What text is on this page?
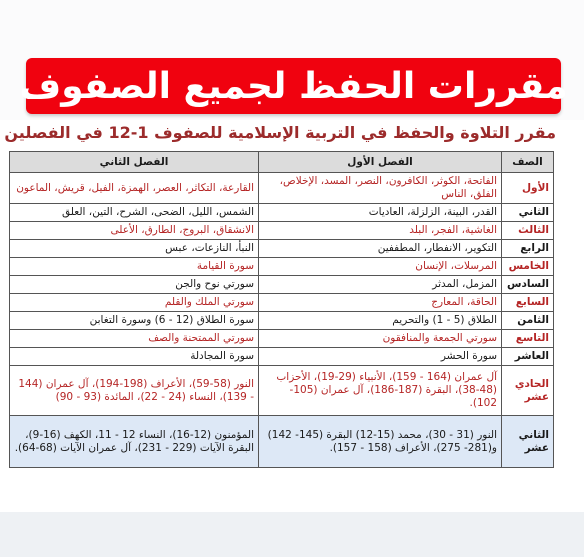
مقررات الحفظ لجميع الصفوف
مقرر التلاوة والحفظ في التربية الإسلامية للصفوف 1-12 في الفصلين
الصف	الفصل الأول	الفصل الثاني
الأول	الفاتحة، الكوثر، الكافرون، النصر، المسد، الإخلاص، الفلق، الناس	القارعة، التكاثر، العصر، الهمزة، الفيل، قريش، الماعون
الثاني	القدر، البينة، الزلزلة، العاديات	الشمس، الليل، الضحى، الشرح، التين، العلق
الثالث	الغاشية، الفجر، البلد	الانشقاق، البروج، الطارق، الأعلى
الرابع	التكوير، الانفطار، المطففين	النبأ، النازعات، عبس
الخامس	المرسلات، الإنسان	سورة القيامة
السادس	المزمل، المدثر	سورتي نوح والجن
السابع	الحاقة، المعارج	سورتي الملك والقلم
الثامن	الطلاق (5 - 1) والتحريم	سورة الطلاق (12 - 6) وسورة التغابن
التاسع	سورتي الجمعة والمنافقون	سورتي الممتحنة والصف
العاشر	سورة الحشر	سورة المجادلة
الحادي عشر	آل عمران (164 - 159)، الأنبياء (29-19)، الأحزاب (48-38)، البقرة (187-186)، آل عمران (105-102).	النور (58-59)، الأعراف (198-194)، آل عمران (144 - 139)، النساء (24 - 22)، المائدة (93 - 90)
الثاني عشر	النور (31 - 30)، محمد (15-12) البقرة (145- 142) و(281- 275)، الأعراف (158 - 157).	المؤمنون (12-16)، النساء 12 - 11، الكهف (16-9)، البقرة الآيات (229 - 231)، آل عمران الآيات (68-64).
